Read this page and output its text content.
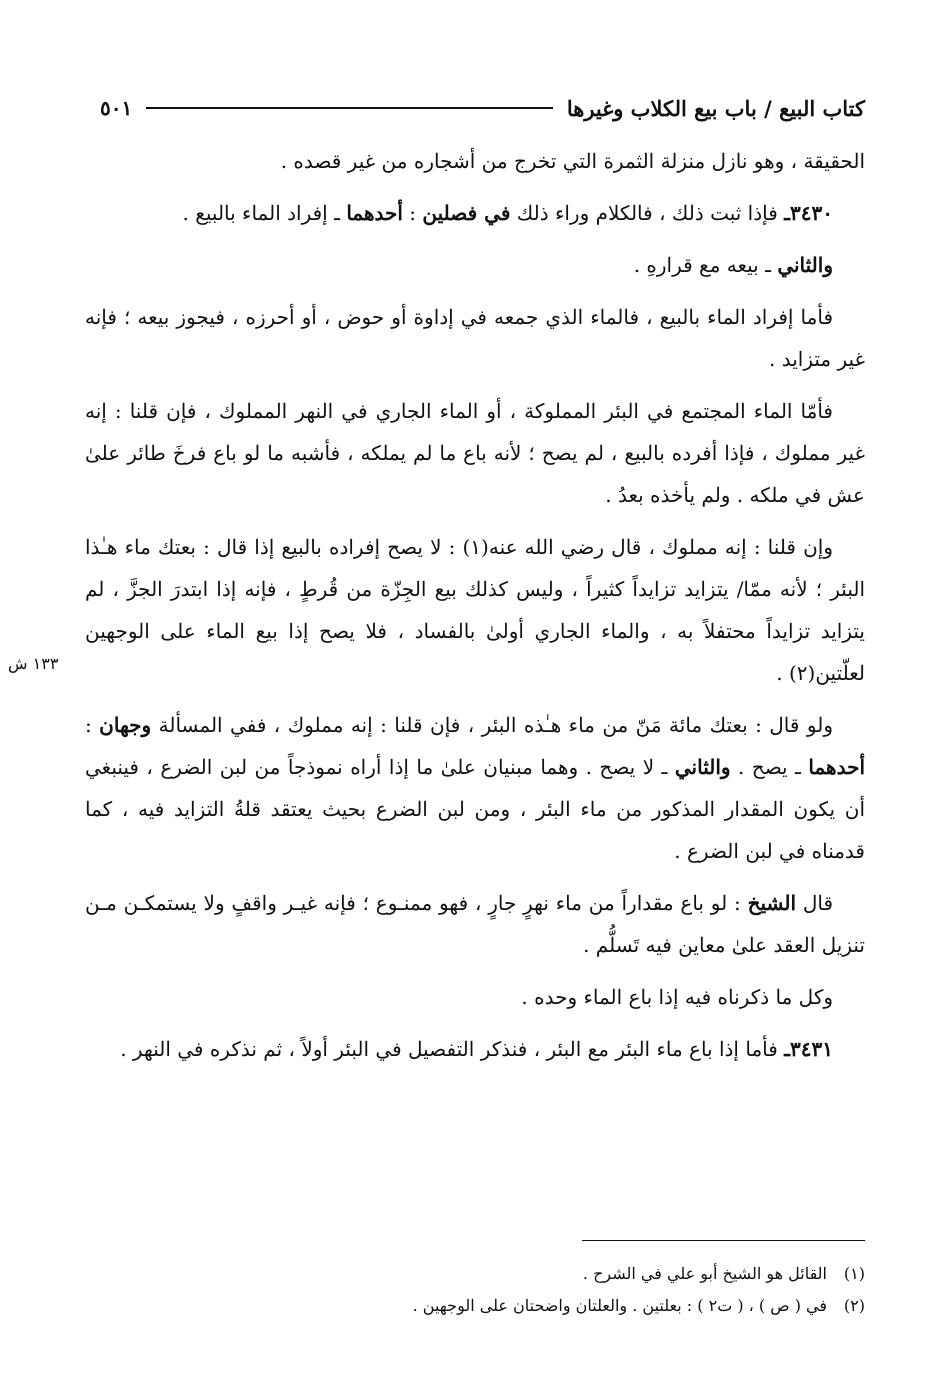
كتاب البيع / باب بيع الكلاب وغيرها
٥٠١
١٣٣ ش

الحقيقة ، وهو نازل منزلة الثمرة التي تخرج من أشجاره من غير قصده .

٣٤٣٠ـ فإذا ثبت ذلك ، فالكلام وراء ذلك في فصلين : أحدهما ـ إفراد الماء بالبيع .

والثاني ـ بيعه مع قرارهِ .

فأما إفراد الماء بالبيع ، فالماء الذي جمعه في إداوة أو حوض ، أو أحرزه ، فيجوز بيعه ؛ فإنه غير متزايد .

فأمّا الماء المجتمع في البئر المملوكة ، أو الماء الجاري في النهر المملوك ، فإن قلنا : إنه غير مملوك ، فإذا أفرده بالبيع ، لم يصح ؛ لأنه باع ما لم يملكه ، فأشبه ما لو باع فرخَ طائر علىٰ عش في ملكه . ولم يأخذه بعدُ .

وإن قلنا : إنه مملوك ، قال رضي الله عنه(١) : لا يصح إفراده بالبيع إذا قال : بعتك ماء هـٰذا البئر ؛ لأنه ممّا/ يتزايد تزايداً كثيراً ، وليس كذلك بيع الجِزّة من قُرطٍ ، فإنه إذا ابتدرَ الجزَّ ، لم يتزايد تزايداً محتفلاً به ، والماء الجاري أولىٰ بالفساد ، فلا يصح إذا بيع الماء على الوجهين لعلّتين(٢) .

ولو قال : بعتك مائة مَنّ من ماء هـٰذه البئر ، فإن قلنا : إنه مملوك ، ففي المسألة وجهان : أحدهما ـ يصح . والثاني ـ لا يصح . وهما مبنيان علىٰ ما إذا أراه نموذجاً من لبن الضرع ، فينبغي أن يكون المقدار المذكور من ماء البئر ، ومن لبن الضرع بحيث يعتقد قلةُ التزايد فيه ، كما قدمناه في لبن الضرع .

قال الشيخ : لو باع مقداراً من ماء نهرٍ جارٍ ، فهو ممنـوع ؛ فإنه غيـر واقفٍ ولا يستمكـن مـن تنزيل العقد علىٰ معاين فيه تَسلُّم .

وكل ما ذكرناه فيه إذا باع الماء وحده .

٣٤٣١ـ فأما إذا باع ماء البئر مع البئر ، فنذكر التفصيل في البئر أولاً ، ثم نذكره في النهر .

(١)القائل هو الشيخ أبو علي في الشرح .
(٢)في ( ص ) ، ( ت٢ ) : بعلتين . والعلتان واضحتان على الوجهين .
